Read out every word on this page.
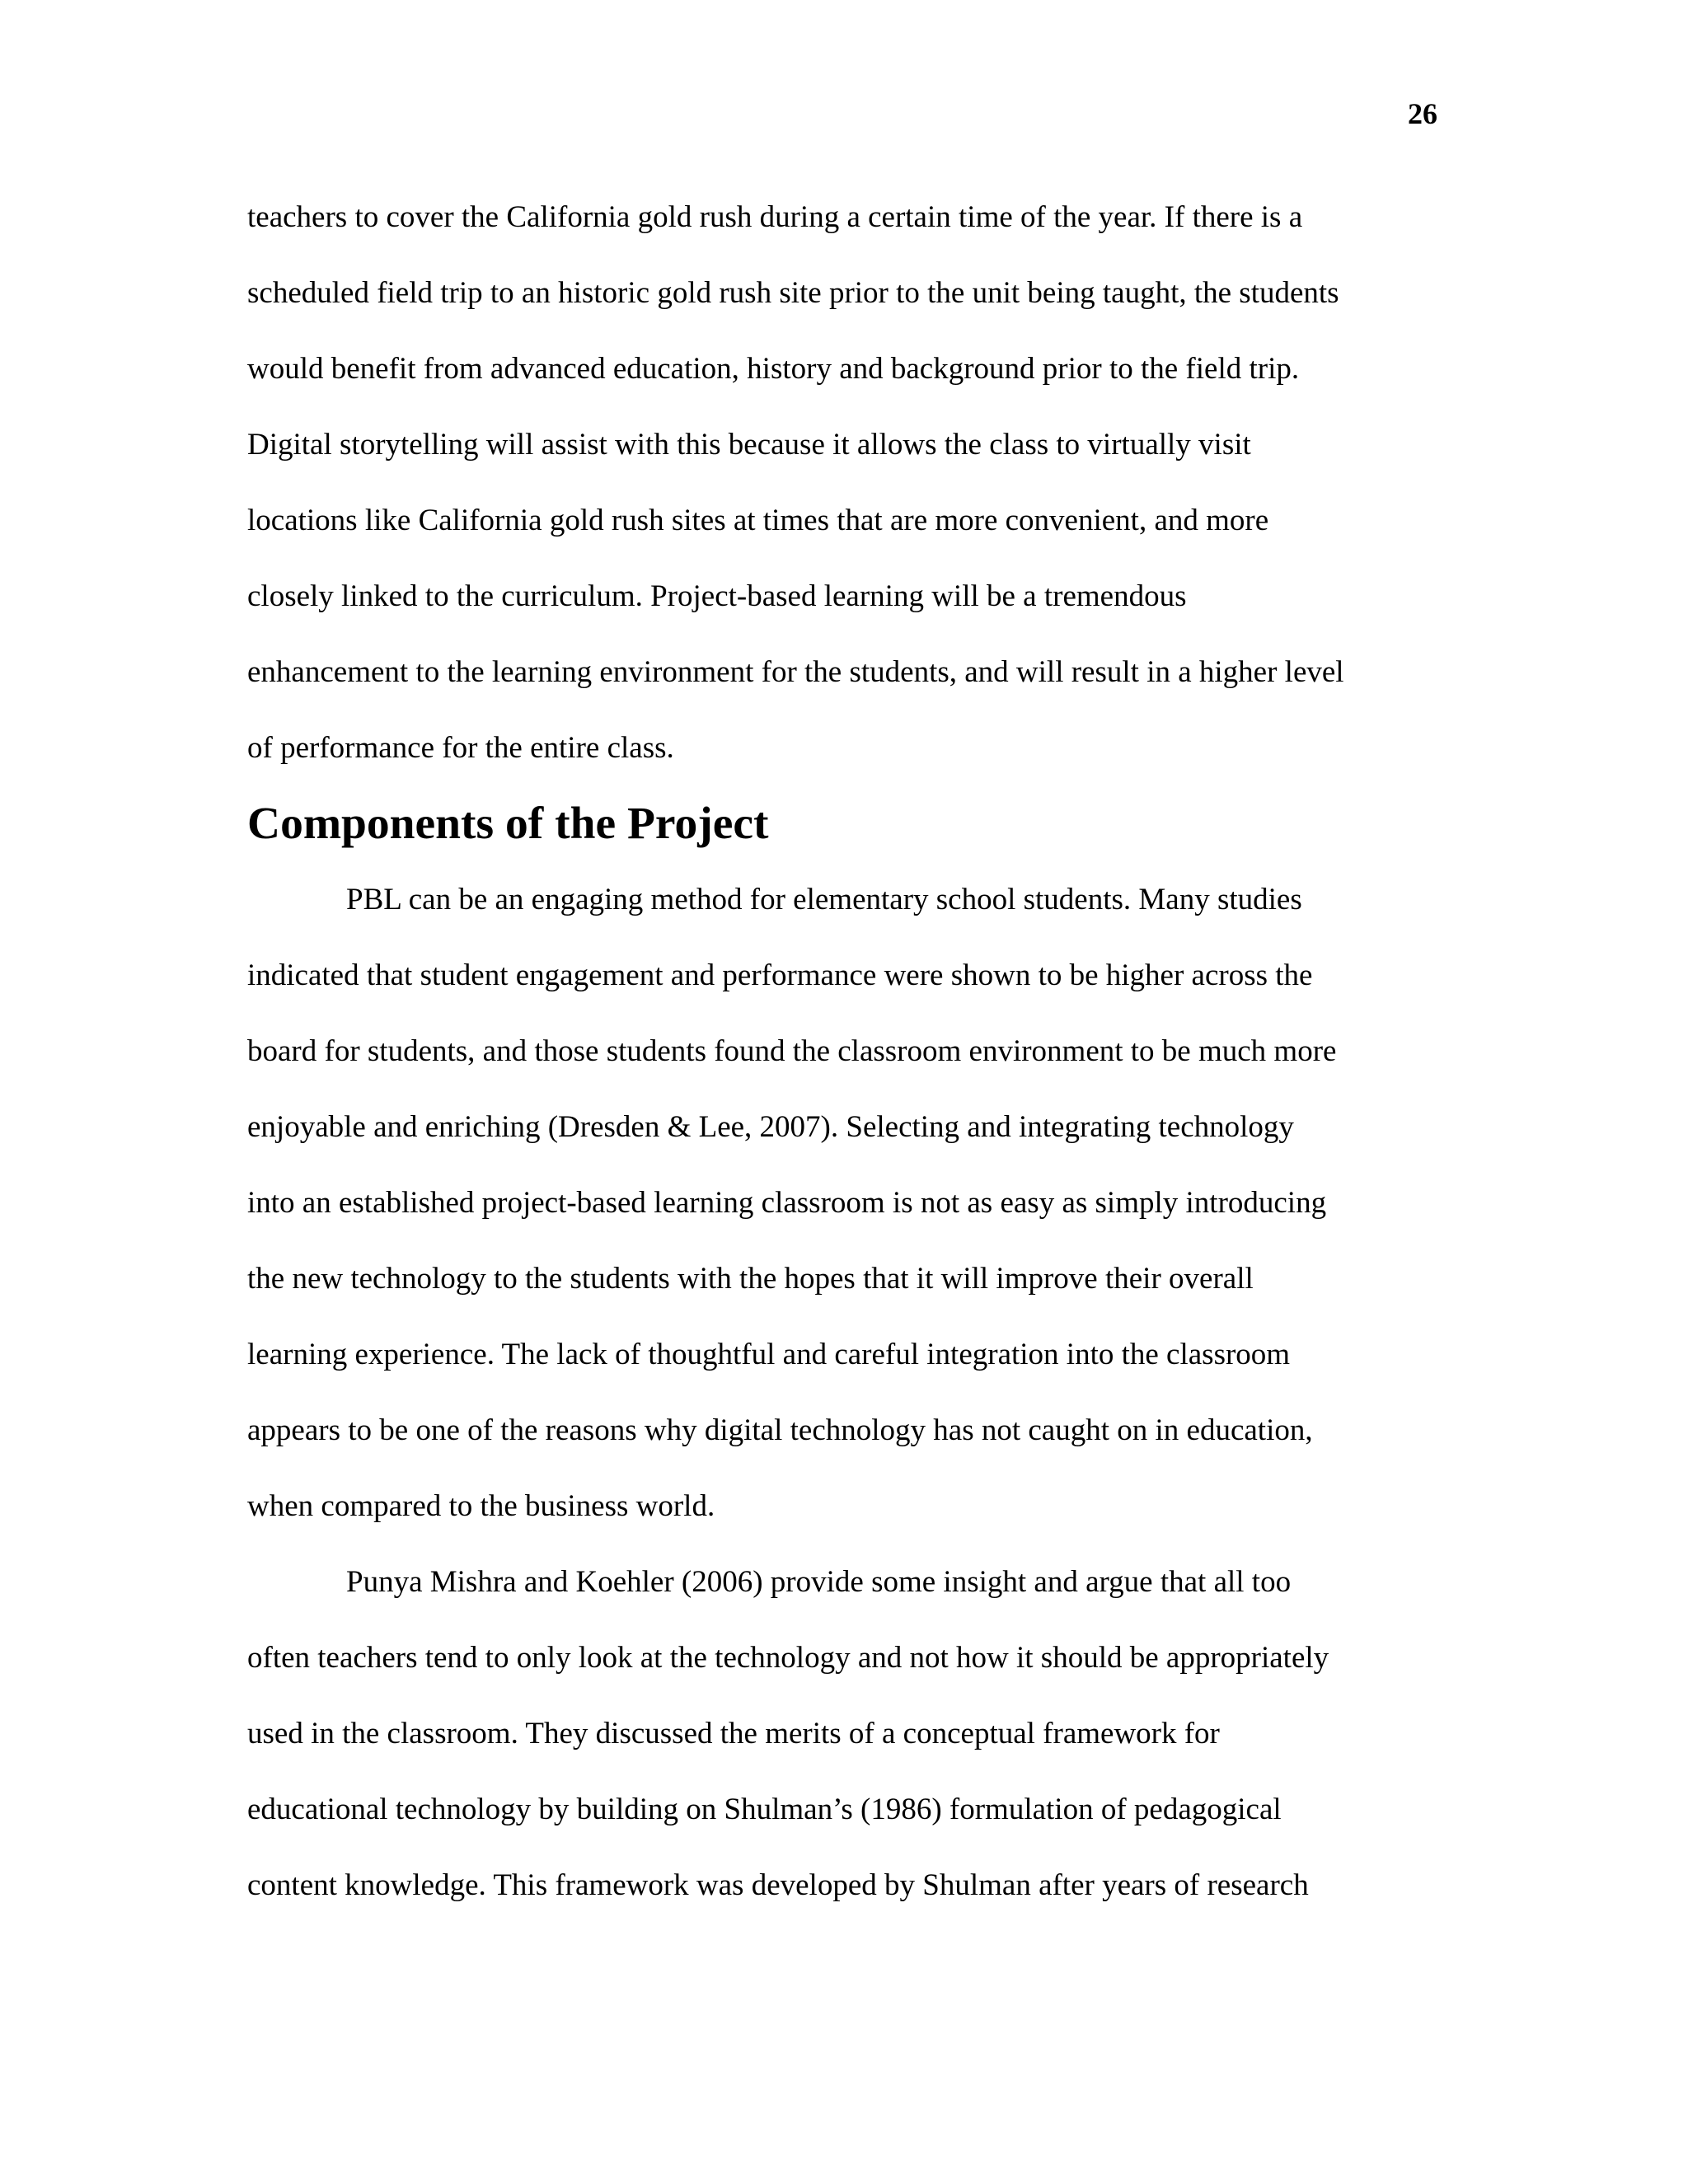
26
teachers to cover the California gold rush during a certain time of the year. If there is a
scheduled field trip to an historic gold rush site prior to the unit being taught, the students
would benefit from advanced education, history and background prior to the field trip.
Digital storytelling will assist with this because it allows the class to virtually visit
locations like California gold rush sites at times that are more convenient, and more
closely linked to the curriculum. Project-based learning will be a tremendous
enhancement to the learning environment for the students, and will result in a higher level
of performance for the entire class.
Components of the Project
PBL can be an engaging method for elementary school students. Many studies
indicated that student engagement and performance were shown to be higher across the
board for students, and those students found the classroom environment to be much more
enjoyable and enriching (Dresden & Lee, 2007). Selecting and integrating technology
into an established project-based learning classroom is not as easy as simply introducing
the new technology to the students with the hopes that it will improve their overall
learning experience. The lack of thoughtful and careful integration into the classroom
appears to be one of the reasons why digital technology has not caught on in education,
when compared to the business world.
Punya Mishra and Koehler (2006) provide some insight and argue that all too
often teachers tend to only look at the technology and not how it should be appropriately
used in the classroom. They discussed the merits of a conceptual framework for
educational technology by building on Shulman’s (1986) formulation of pedagogical
content knowledge. This framework was developed by Shulman after years of research
